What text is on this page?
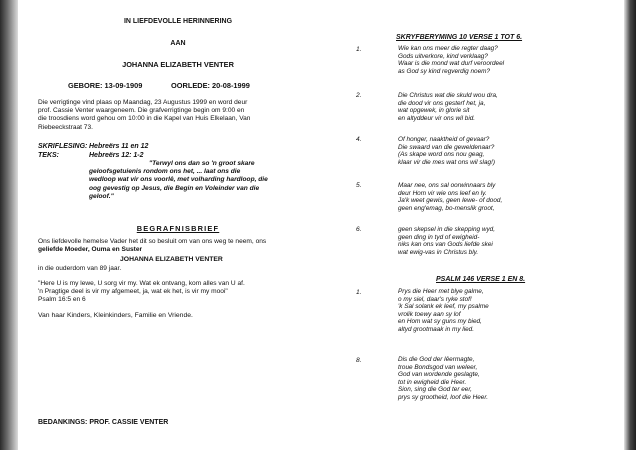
IN LIEFDEVOLLE HERINNERING
AAN
JOHANNA ELIZABETH VENTER
GEBORE: 13-09-1909	OORLEDE: 20-08-1999
Die verrigtinge vind plaas op Maandag, 23 Augustus 1999 en word deur
prof. Cassie Venter waargeneem. Die grafverrigtinge begin om 9:00 en
die troosdiens word gehou om 10:00 in die Kapel van Huis Elkelaan, Van
Riebeeckstraat 73.
SKRIFLESING: Hebreërs 11 en 12
TEKS:	Hebreërs 12: 1-2
"Terwyl ons dan so 'n groot skare
geloofsgetuienis rondom ons het, ... laat ons die
wedloop wat vir ons voorlê, met volharding hardloop, die
oog gevestig op Jesus, die Begin en Voleinder van die
geloof."
BEGRAFNISBRIEF
Ons liefdevolle hemelse Vader het dit so besluit om van ons weg te neem, ons
geliefde Moeder, Ouma en Suster
JOHANNA ELIZABETH VENTER
in die ouderdom van 89 jaar.
"Here U is my lewe, U sorg vir my. Wat ek ontvang, kom alles van U af.
'n Pragtige deel is vir my afgemeet, ja, wat ek het, is vir my mooi"
Psalm 16:5 en 6
Van haar Kinders, Kleinkinders, Familie en Vriende.
BEDANKINGS: PROF. CASSIE VENTER
SKRYFBERYMING 10 VERSE 1 TOT 6.
1.	Wie kan ons meer die regter daag?
Gods uitverkore, kind verklaag?
Waar is die mond wat durf veroordeel
as God sy kind regverdig noem?
2.	Die Christus wat die skuld wou dra,
die dood vir ons gesterf het, ja,
wat opgewek, in glorie sit
en altyddeur vir ons wil bid.
4.	Of honger, naaktheid of gevaar?
Die swaard van die geweldenaar?
(As skape word ons nou geag,
klaar vir die mes wat ons wil slag!)
5.	Maar nee, ons sal oorwinnaars bly
deur Hom vir wie ons leef en ly.
Ja'k weet gewis, geen lewe- of dood,
geen eng'emag, bo-menslik groot,
6.	geen skepsel in die skepping wyd,
geen ding in tyd of ewigheid-
niks kan ons van Gods liefde skei
wat ewig-vas in Christus bly.
PSALM 146 VERSE 1 EN 8.
1.	Prys die Heer met blye galme,
o my siel, daar's ryke stof!
'k Sal solank ek leef, my psalme
vrolik toewy aan sy lof
en Hom wat sy guns my bied,
altyd grootmaak in my lied.
8.	Dis die God der lêermagte,
troue Bondsgod van weleer,
God van wordende geslagte,
tot in ewigheid die Heer.
Sion, sing die God ter eer,
prys sy grootheid, loof die Heer.
